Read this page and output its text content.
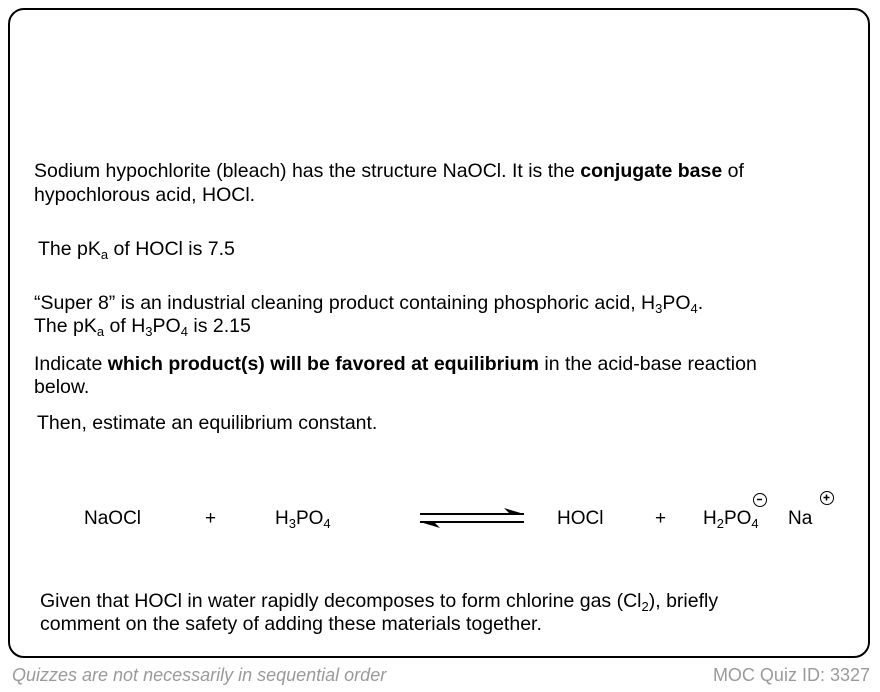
Sodium hypochlorite (bleach) has the structure NaOCl. It is the conjugate base of
hypochlorous acid, HOCl.
The $pK_a$ of HOCl is 7.5
“Super 8” is an industrial cleaning product containing phosphoric acid, $H_3PO_4$.
The $pK_a$ of $H_3PO_4$ is 2.15
Indicate which product(s) will be favored at equilibrium in the acid-base reaction
below.
Then, estimate an equilibrium constant.
NaOCl	+	$H_3PO_4$	HOCl	+ $H_2PO_4$ Na
Given that HOCl in water rapidly decomposes to form chlorine gas $(Cl_2)$, briefly
comment on the safety of adding these materials together.
Quizzes are not necessarily in sequential order	MOC Quiz ID: 3327
